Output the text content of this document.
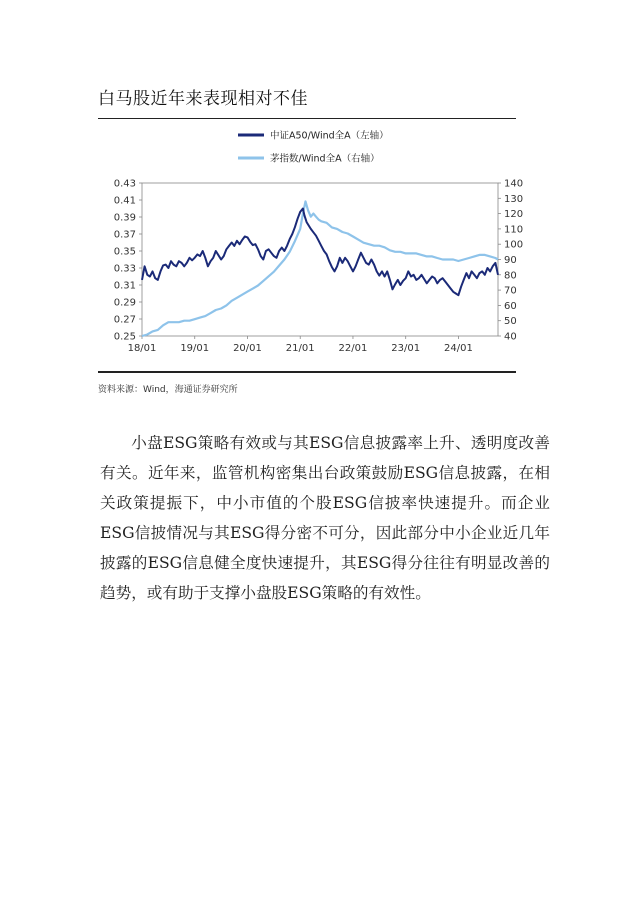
白马股近年来表现相对不佳
中证A50/Wind全A（左轴）
茅指数/Wind全A（右轴）
0.25
0.27
0.29
0.31
0.33
0.35
0.37
0.39
0.41
0.43
40
50
60
70
80
90
100
110
120
130
140
18/01 19/01 20/01 21/01 22/01 23/01 24/01
资料来源：Wind，海通证券研究所

小盘ESG策略有效或与其ESG信息披露率上升、透明度改善有关。近年来，监管机构密集出台政策鼓励ESG信息披露，在相关政策提振下，中小市值的个股ESG信披率快速提升。而企业ESG信披情况与其ESG得分密不可分，因此部分中小企业近几年披露的ESG信息健全度快速提升，其ESG得分往往有明显改善的趋势，或有助于支撑小盘股ESG策略的有效性。
